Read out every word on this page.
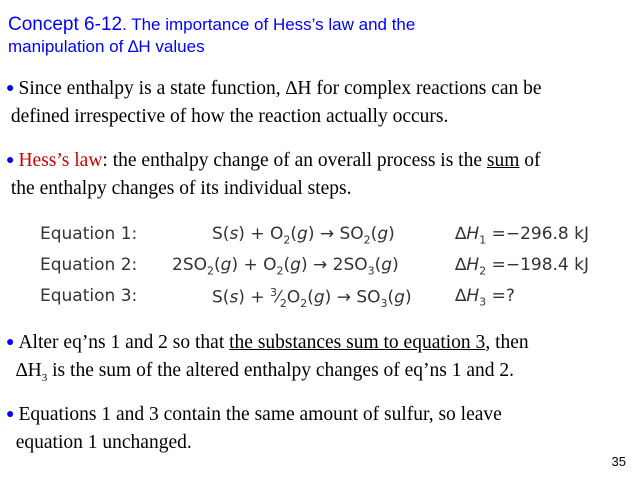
Concept 6-12. The importance of Hess’s law and the
manipulation of ∆H values
● Since enthalpy is a state function, ∆H for complex reactions can be
defined irrespective of how the reaction actually occurs.
● Hess’s law: the enthalpy change of an overall process is the sum of
the enthalpy changes of its individual steps.
Equation 1:	$S(s) + O_2(g) \to SO_2(g)$	$\Delta H_1 = -296.8$ kJ
Equation 2: $2SO_2(g) + O_2(g) \to 2SO_3(g)$	$\Delta H_2 = -198.4$ kJ
Equation 3:	$S(s) + ^3⁄_2O_2(g) \to SO_3(g)$	$\Delta H_3$ = ?
● Alter eq’ns 1 and 2 so that the substances sum to equation 3, then
$\Delta H_3$ is the sum of the altered enthalpy changes of eq’ns 1 and 2.
● Equations 1 and 3 contain the same amount of sulfur, so leave
equation 1 unchanged.
35
